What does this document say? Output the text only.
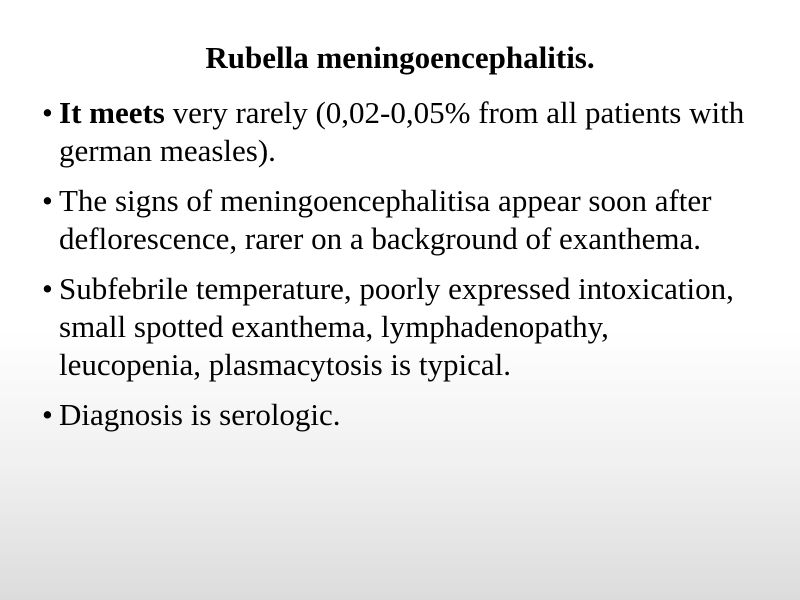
Rubella meningoencephalitis.
• It meets very rarely (0,02-0,05% from all patients with german measles).
• The signs of meningoencephalitisa appear soon after deflorescence, rarer on a background of exanthema.
• Subfebrile temperature, poorly expressed intoxication, small spotted exanthema, lymphadenopathy, leucopenia, plasmacytosis is typical.
• Diagnosis is serologic.
